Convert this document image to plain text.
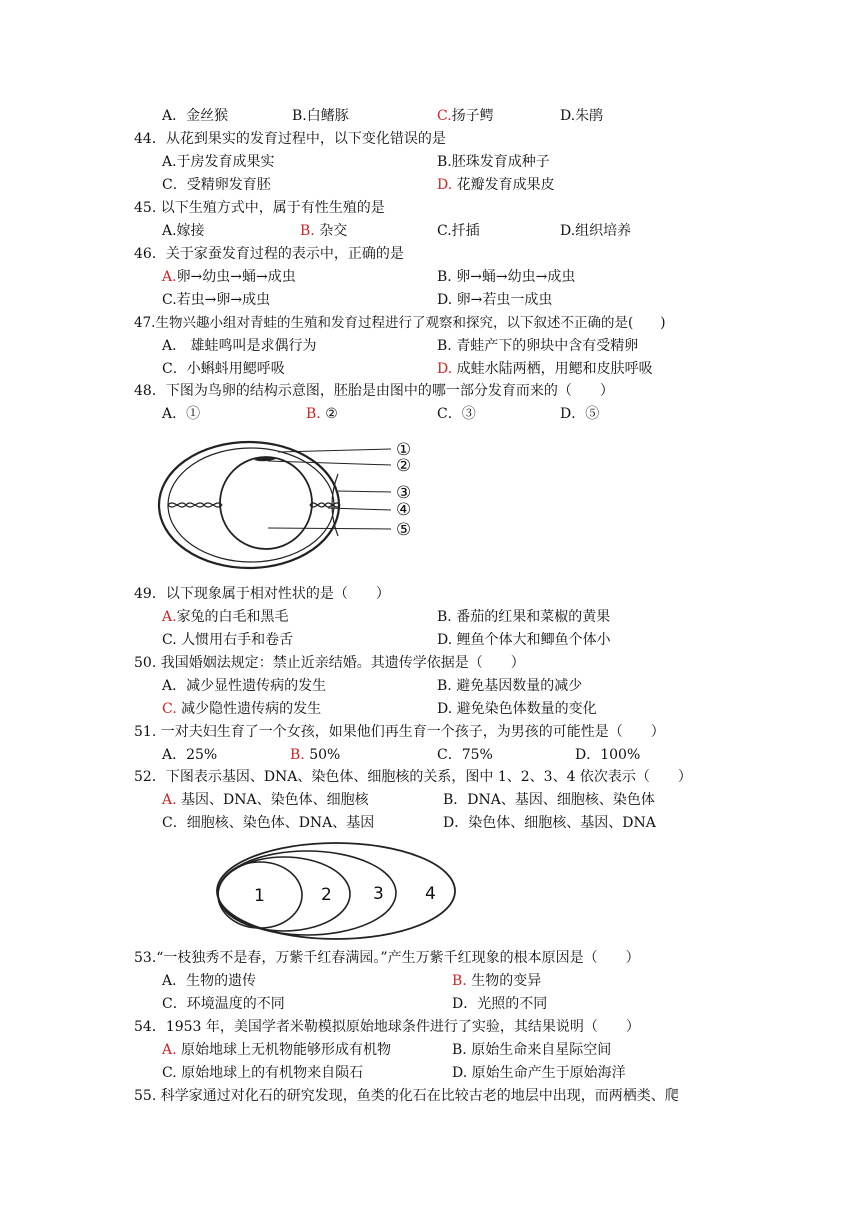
A．金丝猴	B.白鳍豚	C.扬子鳄	D.朱鹃
44．从花到果实的发育过程中，以下变化错误的是
A.于房发育成果实	B.胚珠发育成种子
C．受精卵发育胚	D. 花瓣发育成果皮
45. 以下生殖方式中，属于有性生殖的是
A.嫁接	B. 杂交	C.扦插	D.组织培养
46．关于家蚕发育过程的表示中，正确的是
A.卵→幼虫→蛹→成虫	B. 卵→蛹→幼虫→成虫
C.若虫→卵→成虫	D. 卵→若虫一成虫
47.生物兴趣小组对青蛙的生殖和发育过程进行了观察和探究，以下叙述不正确的是(　　)
A． 雄蛙鸣叫是求偶行为	B. 青蛙产下的卵块中含有受精卵
C．小蝌蚪用鳃呼吸	D. 成蛙水陆两栖，用鳃和皮肤呼吸
48．下图为鸟卵的结构示意图，胚胎是由图中的哪一部分发育而来的（　　）
A．①	B. ②	C．③	D．⑤
①
②
③
④
⑤
49．以下现象属于相对性状的是（　　）
A.家兔的白毛和黑毛	B. 番茄的红果和菜椒的黄果
C. 人惯用右手和卷舌	D. 鲤鱼个体大和鲫鱼个体小
50. 我国婚姻法规定：禁止近亲结婚。其遗传学依据是（　　）
A．减少显性遗传病的发生	B. 避免基因数量的减少
C. 减少隐性遗传病的发生	D. 避免染色体数量的变化
51. 一对夫妇生育了一个女孩，如果他们再生育一个孩子，为男孩的可能性是（　　）
A．25%	B. 50%	C．75%	D．100%
52．下图表示基因、DNA、染色体、细胞核的关系，图中 1、2、3、4 依次表示（　　）
A. 基因、DNA、染色体、细胞核	B．DNA、基因、细胞核、染色体
C．细胞核、染色体、DNA、基因	D．染色体、细胞核、基因、DNA
1	2 3 4
53.“一枝独秀不是春，万紫千红春满园。”产生万紫千红现象的根本原因是（　　）
A．生物的遗传	B. 生物的变异
C．环境温度的不同	D．光照的不同
54．1953 年，美国学者米勒模拟原始地球条件进行了实验，其结果说明（　　）
A. 原始地球上无机物能够形成有机物	B. 原始生命来自星际空间
C. 原始地球上的有机物来自陨石	D. 原始生命产生于原始海洋
55. 科学家通过对化石的研究发现，鱼类的化石在比较古老的地层中出现，而两栖类、爬
